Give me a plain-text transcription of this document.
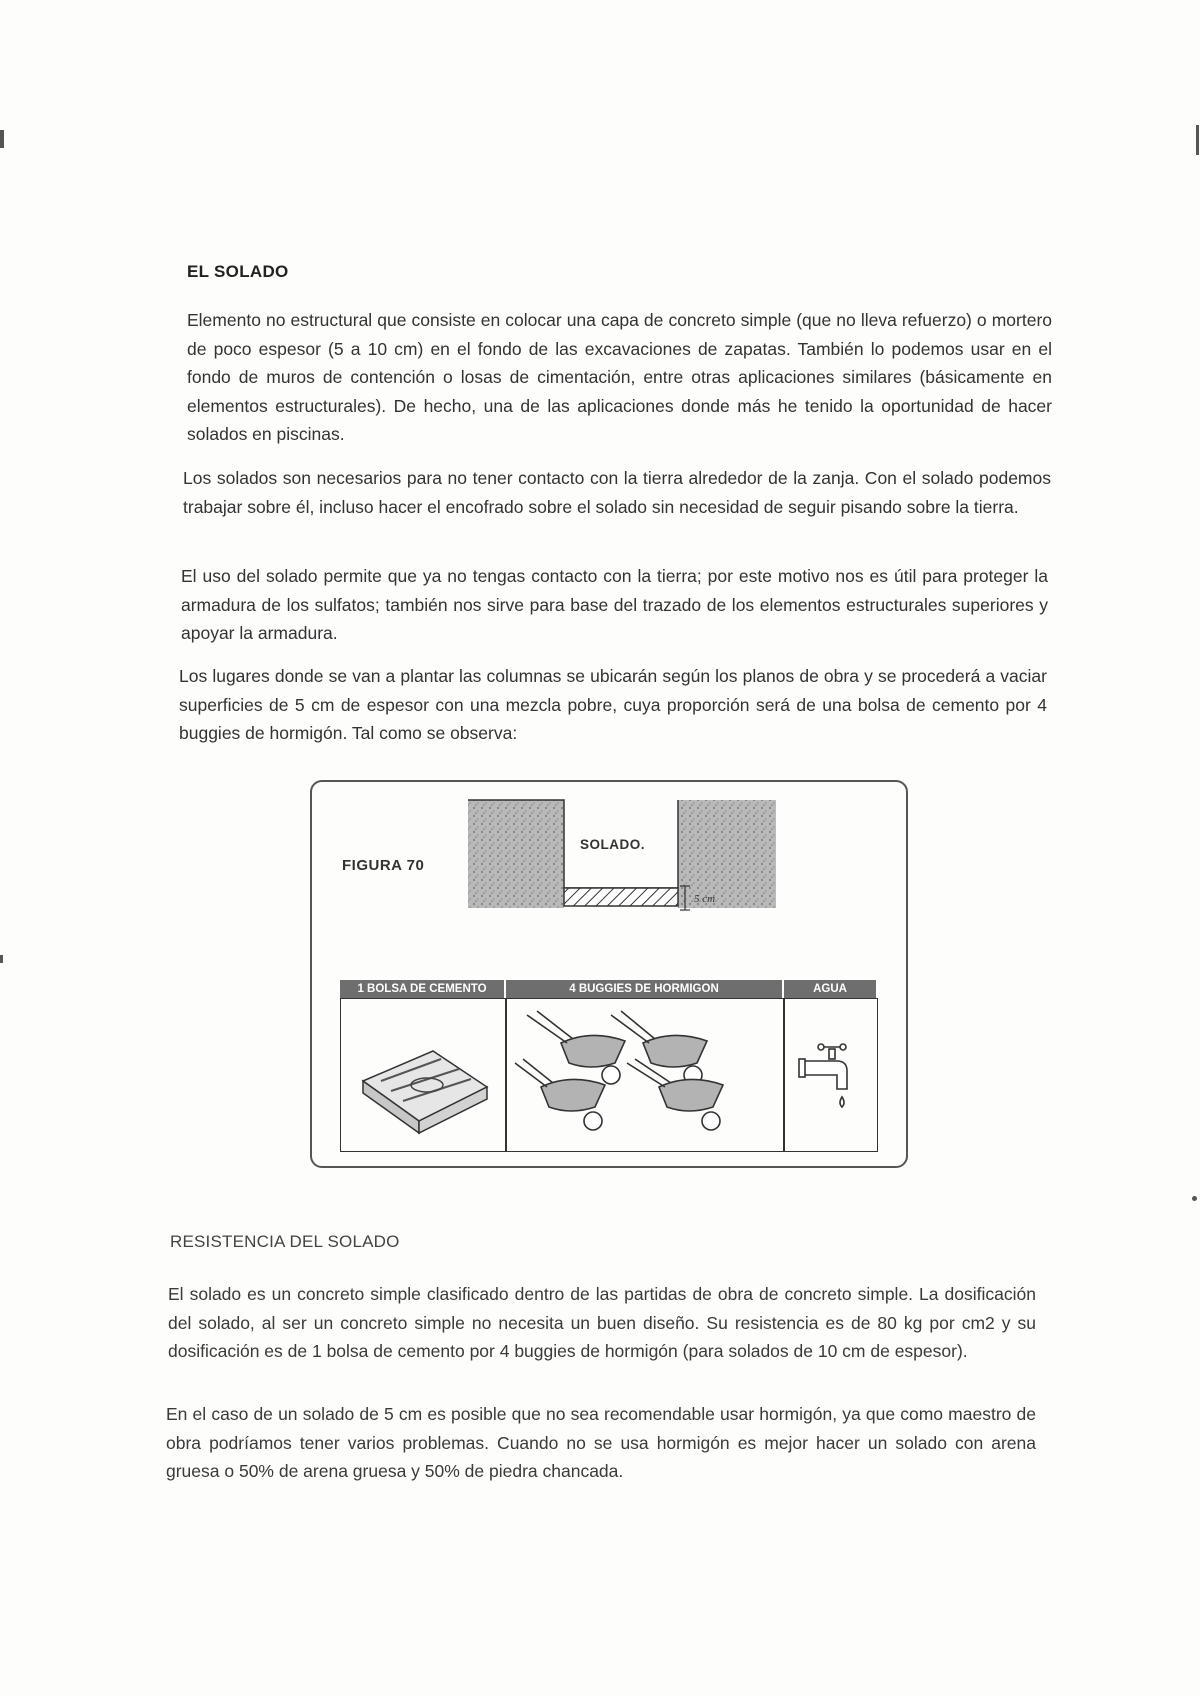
EL SOLADO

Elemento no estructural que consiste en colocar una capa de concreto simple (que no lleva refuerzo) o mortero de poco espesor (5 a 10 cm) en el fondo de las excavaciones de zapatas. También lo podemos usar en el fondo de muros de contención o losas de cimentación, entre otras aplicaciones similares (básicamente en elementos estructurales). De hecho, una de las aplicaciones donde más he tenido la oportunidad de hacer solados en piscinas.

Los solados son necesarios para no tener contacto con la tierra alrededor de la zanja. Con el solado podemos trabajar sobre él, incluso hacer el encofrado sobre el solado sin necesidad de seguir pisando sobre la tierra.

El uso del solado permite que ya no tengas contacto con la tierra; por este motivo nos es útil para proteger la armadura de los sulfatos; también nos sirve para base del trazado de los elementos estructurales superiores y apoyar la armadura.

Los lugares donde se van a plantar las columnas se ubicarán según los planos de obra y se procederá a vaciar superficies de 5 cm de espesor con una mezcla pobre, cuya proporción será de una bolsa de cemento por 4 buggies de hormigón. Tal como se observa:

FIGURA 70
SOLADO.
5 cm
1 BOLSA DE CEMENTO	4 BUGGIES DE HORMIGON	AGUA
RESISTENCIA DEL SOLADO

El solado es un concreto simple clasificado dentro de las partidas de obra de concreto simple. La dosificación del solado, al ser un concreto simple no necesita un buen diseño. Su resistencia es de 80 kg por cm2 y su dosificación es de 1 bolsa de cemento por 4 buggies de hormigón (para solados de 10 cm de espesor).

En el caso de un solado de 5 cm es posible que no sea recomendable usar hormigón, ya que como maestro de obra podríamos tener varios problemas. Cuando no se usa hormigón es mejor hacer un solado con arena gruesa o 50% de arena gruesa y 50% de piedra chancada.
